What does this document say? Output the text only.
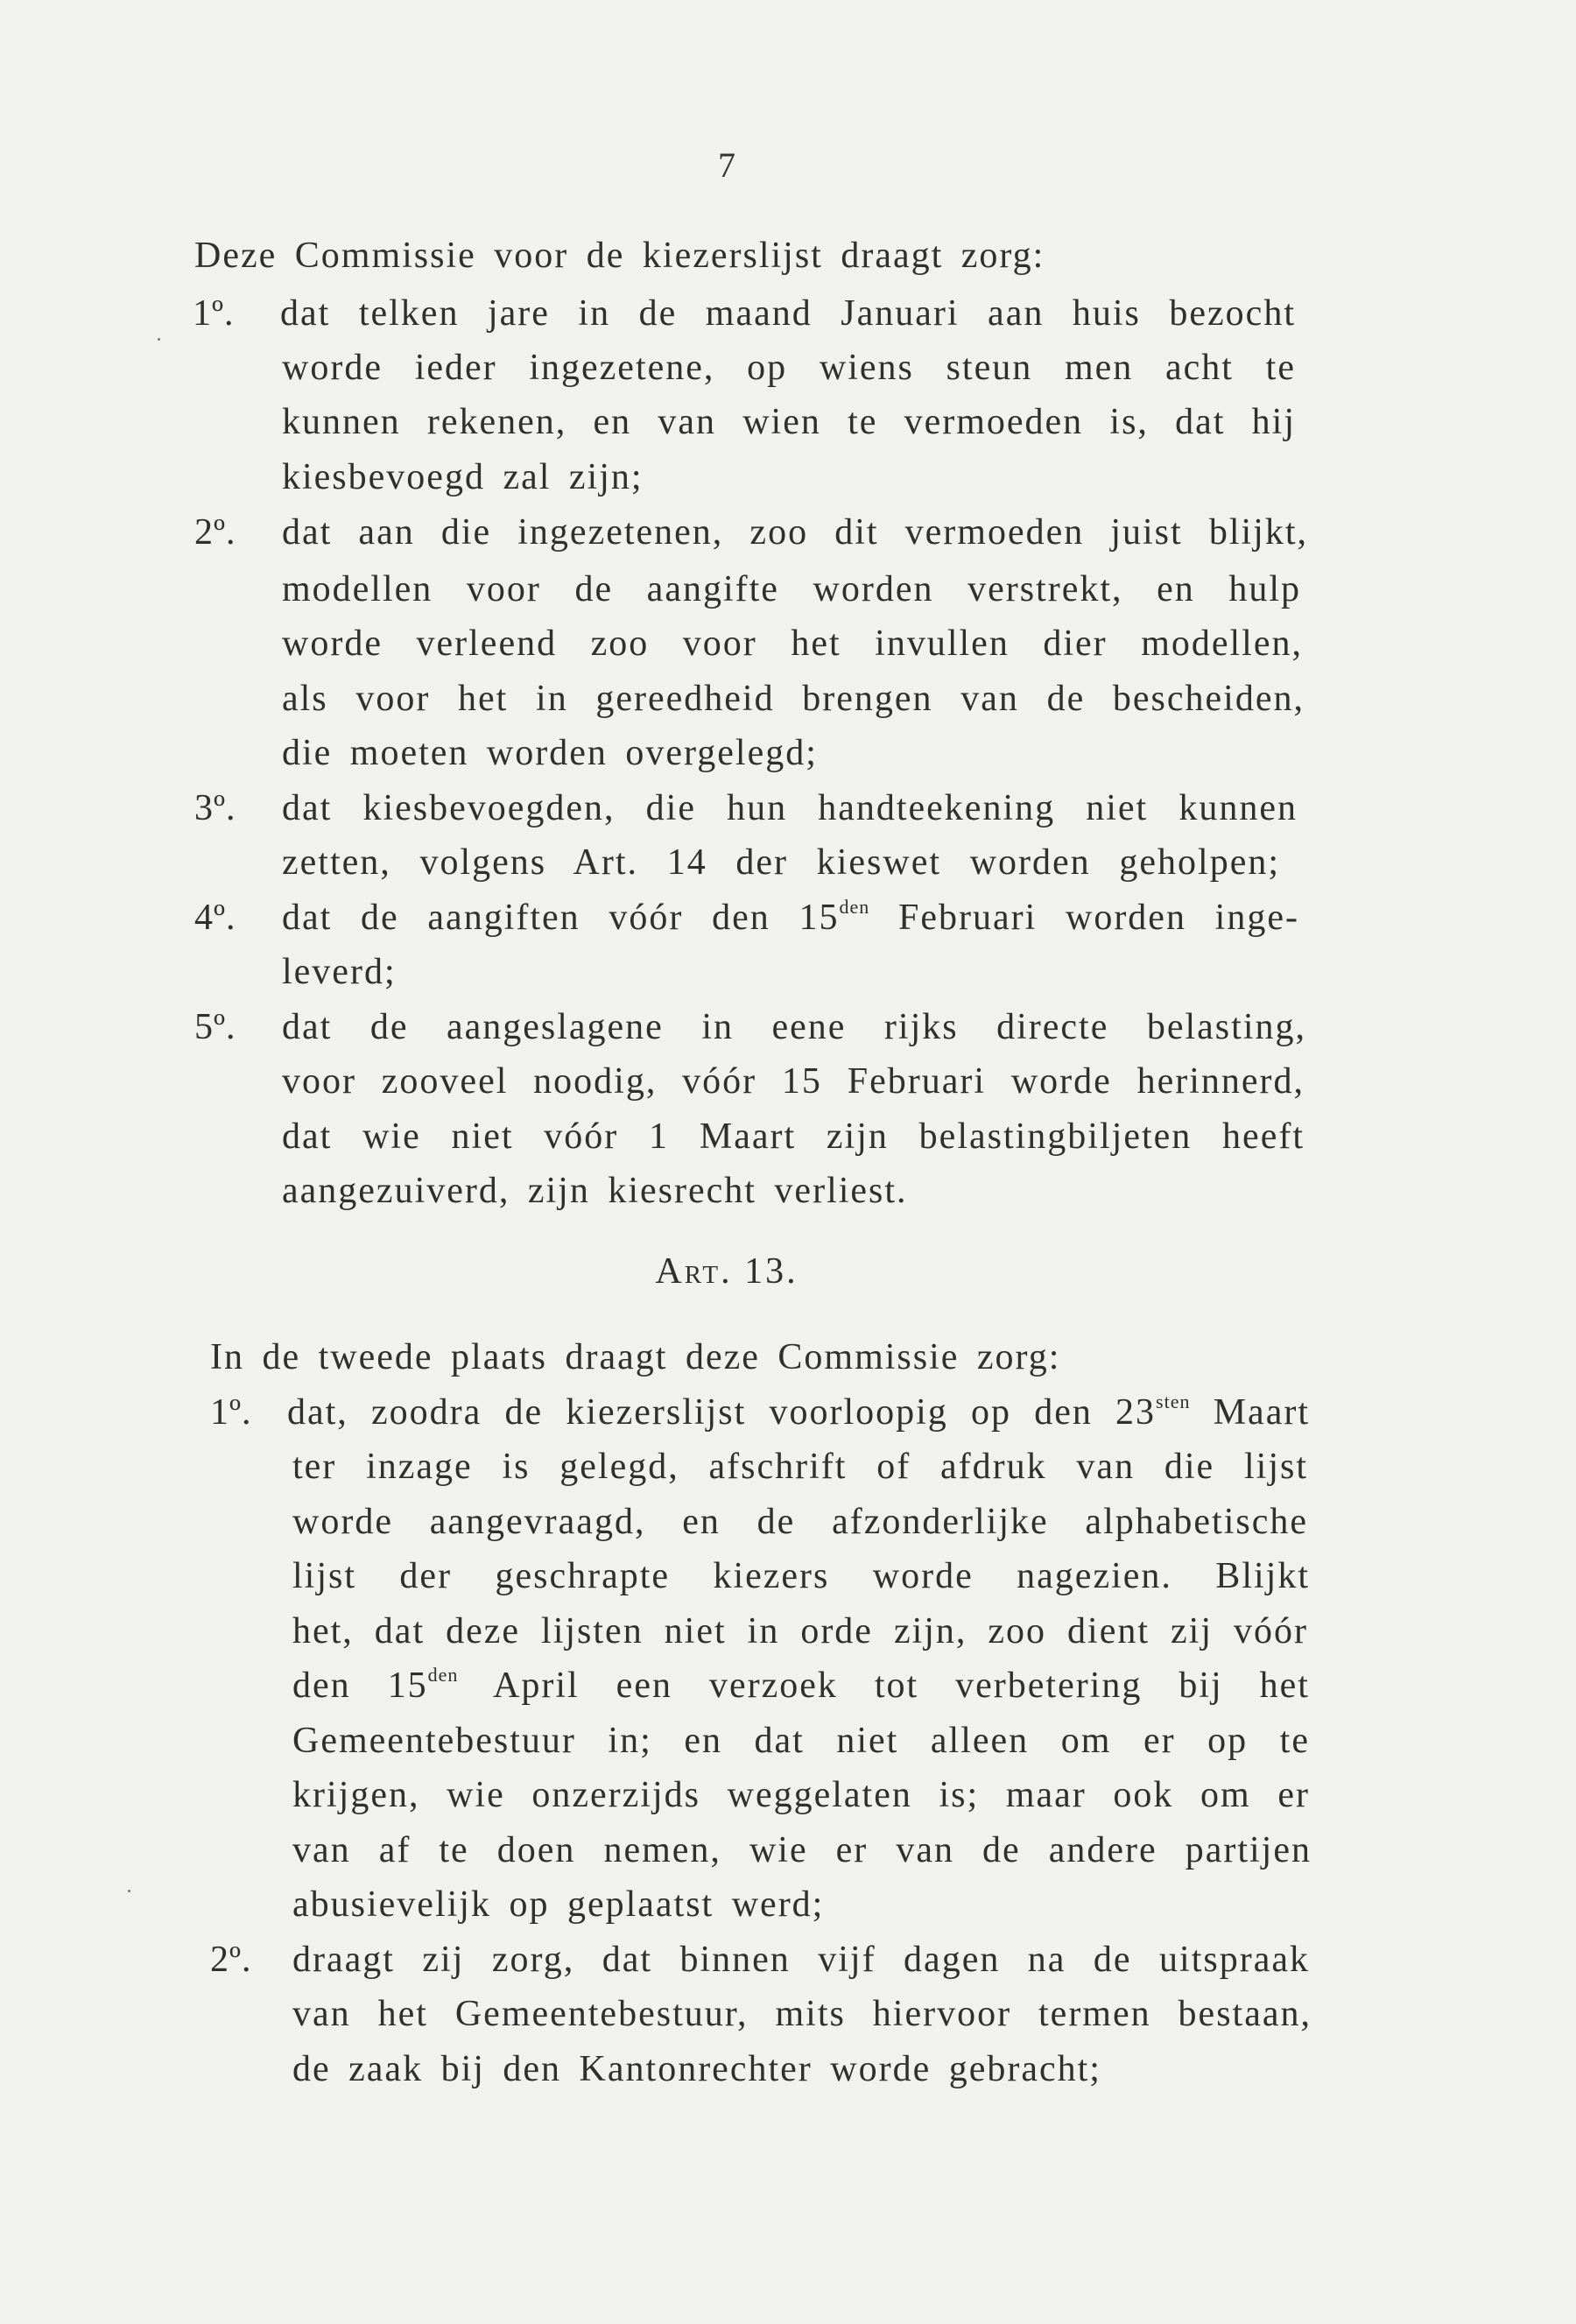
7
Deze Commissie voor de kiezerslijst draagt zorg:
1º. dat telken jare in de maand Januari aan huis bezocht
worde ieder ingezetene, op wiens steun men acht te
kunnen rekenen, en van wien te vermoeden is, dat hij
kiesbevoegd zal zijn;
2º. dat aan die ingezetenen, zoo dit vermoeden juist blijkt,
modellen voor de aangifte worden verstrekt, en hulp
worde verleend zoo voor het invullen dier modellen,
als voor het in gereedheid brengen van de bescheiden,
die moeten worden overgelegd;
3º. dat kiesbevoegden, die hun handteekening niet kunnen
zetten, volgens Art. 14 der kieswet worden geholpen;
4º. dat de aangiften vóór den $15^{den}$ Februari worden inge-
leverd;
5º. dat de aangeslagene in eene rijks directe belasting,
voor zooveel noodig, vóór 15 Februari worde herinnerd,
dat wie niet vóór 1 Maart zijn belastingbiljeten heeft
aangezuiverd, zijn kiesrecht verliest.
Art. 13.
In de tweede plaats draagt deze Commissie zorg:
1º. dat, zoodra de kiezerslijst voorloopig op den $23^{sten}$ Maart
ter inzage is gelegd, afschrift of afdruk van die lijst
worde aangevraagd, en de afzonderlijke alphabetische
lijst der geschrapte kiezers worde nagezien. Blijkt
het, dat deze lijsten niet in orde zijn, zoo dient zij vóór
den $15^{den}$ April een verzoek tot verbetering bij het
Gemeentebestuur in; en dat niet alleen om er op te
krijgen, wie onzerzijds weggelaten is; maar ook om er
van af te doen nemen, wie er van de andere partijen
abusievelijk op geplaatst werd;
2º. draagt zij zorg, dat binnen vijf dagen na de uitspraak
van het Gemeentebestuur, mits hiervoor termen bestaan,
de zaak bij den Kantonrechter worde gebracht;
